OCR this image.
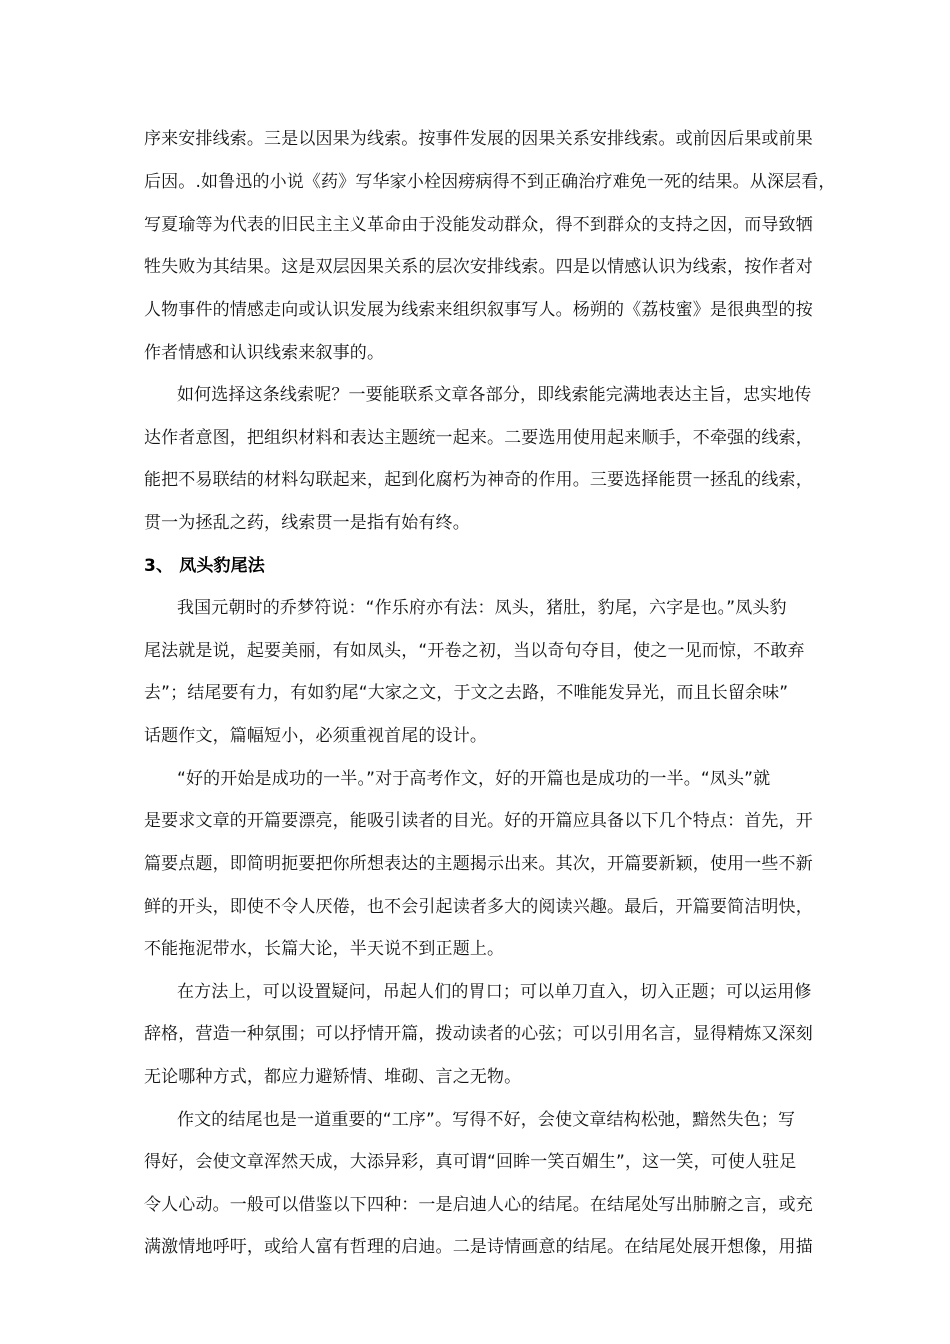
序来安排线索。三是以因果为线索。按事件发展的因果关系安排线索。或前因后果或前果

后因。.如鲁迅的小说《药》写华家小栓因痨病得不到正确治疗难免一死的结果。从深层看，

写夏瑜等为代表的旧民主主义革命由于没能发动群众，得不到群众的支持之因，而导致牺

牲失败为其结果。这是双层因果关系的层次安排线索。四是以情感认识为线索，按作者对

人物事件的情感走向或认识发展为线索来组织叙事写人。杨朔的《荔枝蜜》是很典型的按

作者情感和认识线索来叙事的。

如何选择这条线索呢？一要能联系文章各部分，即线索能完满地表达主旨，忠实地传

达作者意图，把组织材料和表达主题统一起来。二要选用使用起来顺手，不牵强的线索，

能把不易联结的材料勾联起来，起到化腐朽为神奇的作用。三要选择能贯一拯乱的线索，

贯一为拯乱之药，线索贯一是指有始有终。

3、 凤头豹尾法

我国元朝时的乔梦符说：“作乐府亦有法：凤头，猪肚，豹尾，六字是也。”凤头豹

尾法就是说，起要美丽，有如凤头，“开卷之初，当以奇句夺目，使之一见而惊，不敢弃

去”；结尾要有力，有如豹尾“大家之文，于文之去路，不唯能发异光，而且长留余味”

话题作文，篇幅短小，必须重视首尾的设计。

“好的开始是成功的一半。”对于高考作文，好的开篇也是成功的一半。“凤头”就

是要求文章的开篇要漂亮，能吸引读者的目光。好的开篇应具备以下几个特点：首先，开

篇要点题，即简明扼要把你所想表达的主题揭示出来。其次，开篇要新颖，使用一些不新

鲜的开头，即使不令人厌倦，也不会引起读者多大的阅读兴趣。最后，开篇要简洁明快，

不能拖泥带水，长篇大论，半天说不到正题上。

在方法上，可以设置疑问，吊起人们的胃口；可以单刀直入，切入正题；可以运用修

辞格，营造一种氛围；可以抒情开篇，拨动读者的心弦；可以引用名言，显得精炼又深刻

无论哪种方式，都应力避矫情、堆砌、言之无物。

作文的结尾也是一道重要的“工序”。写得不好，会使文章结构松弛，黯然失色；写

得好，会使文章浑然天成，大添异彩，真可谓“回眸一笑百媚生”，这一笑，可使人驻足

令人心动。一般可以借鉴以下四种：一是启迪人心的结尾。在结尾处写出肺腑之言，或充

满激情地呼吁，或给人富有哲理的启迪。二是诗情画意的结尾。在结尾处展开想像，用描
